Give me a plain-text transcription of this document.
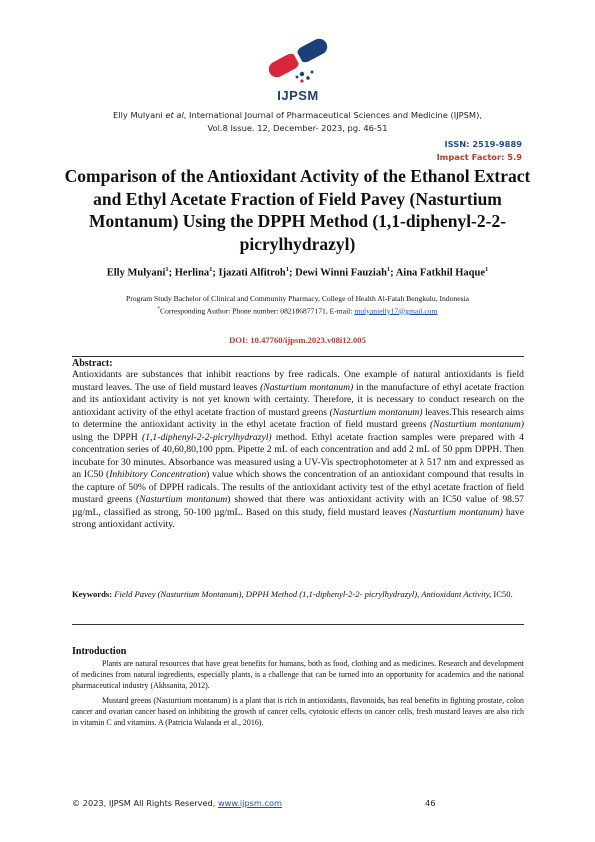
IJPSM
Elly Mulyani et al, International Journal of Pharmaceutical Sciences and Medicine (IJPSM),
Vol.8 Issue. 12, December- 2023, pg. 46-51
ISSN: 2519-9889
Impact Factor: 5.9
Comparison of the Antioxidant Activity of the Ethanol Extract and Ethyl Acetate Fraction of Field Pavey (Nasturtium Montanum) Using the DPPH Method (1,1-diphenyl-2-2- picrylhydrazyl)
Elly Mulyani$^1$; Herlina$^1$; Ijazati Alfitroh$^1$; Dewi Winni Fauziah$^1$; Aina Fatkhil Haque$^1$
Program Study Bachelor of Clinical and Community Pharmacy, College of Health Al-Fatah Bengkulu, Indonesia
*Corresponding Author: Phone number: 082186877171, E-mail: mulyanielly17@gmail.com
DOI: 10.47760/ijpsm.2023.v08i12.005
Abstract:
Antioxidants are substances that inhibit reactions by free radicals. One example of natural antioxidants is field mustard leaves. The use of field mustard leaves (Nasturtium montanum) in the manufacture of ethyl acetate fraction and its antioxidant activity is not yet known with certainty. Therefore, it is necessary to conduct research on the antioxidant activity of the ethyl acetate fraction of mustard greens (Nasturtium montanum) leaves.This research aims to determine the antioxidant activity in the ethyl acetate fraction of field mustard greens (Nasturtium montanum) using the DPPH (1,1-diphenyl-2-2-picrylhydrazyl) method. Ethyl acetate fraction samples were prepared with 4 concentration series of 40,60,80,100 ppm. Pipette 2 mL of each concentration and add 2 mL of 50 ppm DPPH. Then incubate for 30 minutes. Absorbance was measured using a UV-Vis spectrophotometer at λ 517 nm and expressed as an IC50 (Inhibitory Concentration) value which shows the concentration of an antioxidant compound that results in the capture of 50% of DPPH radicals. The results of the antioxidant activity test of the ethyl acetate fraction of field mustard greens (Nasturtium montanum) showed that there was antioxidant activity with an IC50 value of 98.57 µg/mL, classified as strong, 50-100 µg/mL. Based on this study, field mustard leaves (Nasturtium montanum) have strong antioxidant activity.
Keywords: Field Pavey (Nasturtium Montanum), DPPH Method (1,1-diphenyl-2-2- picrylhydrazyl), Antioxidant Activity, IC50.
Introduction

Plants are natural resources that have great benefits for humans, both as food, clothing and as medicines. Research and development of medicines from natural ingredients, especially plants, is a challenge that can be turned into an opportunity for academics and the national pharmaceutical industry (Akhsanita, 2012).

Mustard greens (Nasturtium montanum) is a plant that is rich in antioxidants, flavonoids, has real benefits in fighting prostate, colon cancer and ovarian cancer based on inhibiting the growth of cancer cells, cytotoxic effects on cancer cells, fresh mustard leaves are also rich in vitamin C and vitamins. A (Patricia Walanda et al., 2016).

© 2023, IJPSM All Rights Reserved, www.ijpsm.com	46
